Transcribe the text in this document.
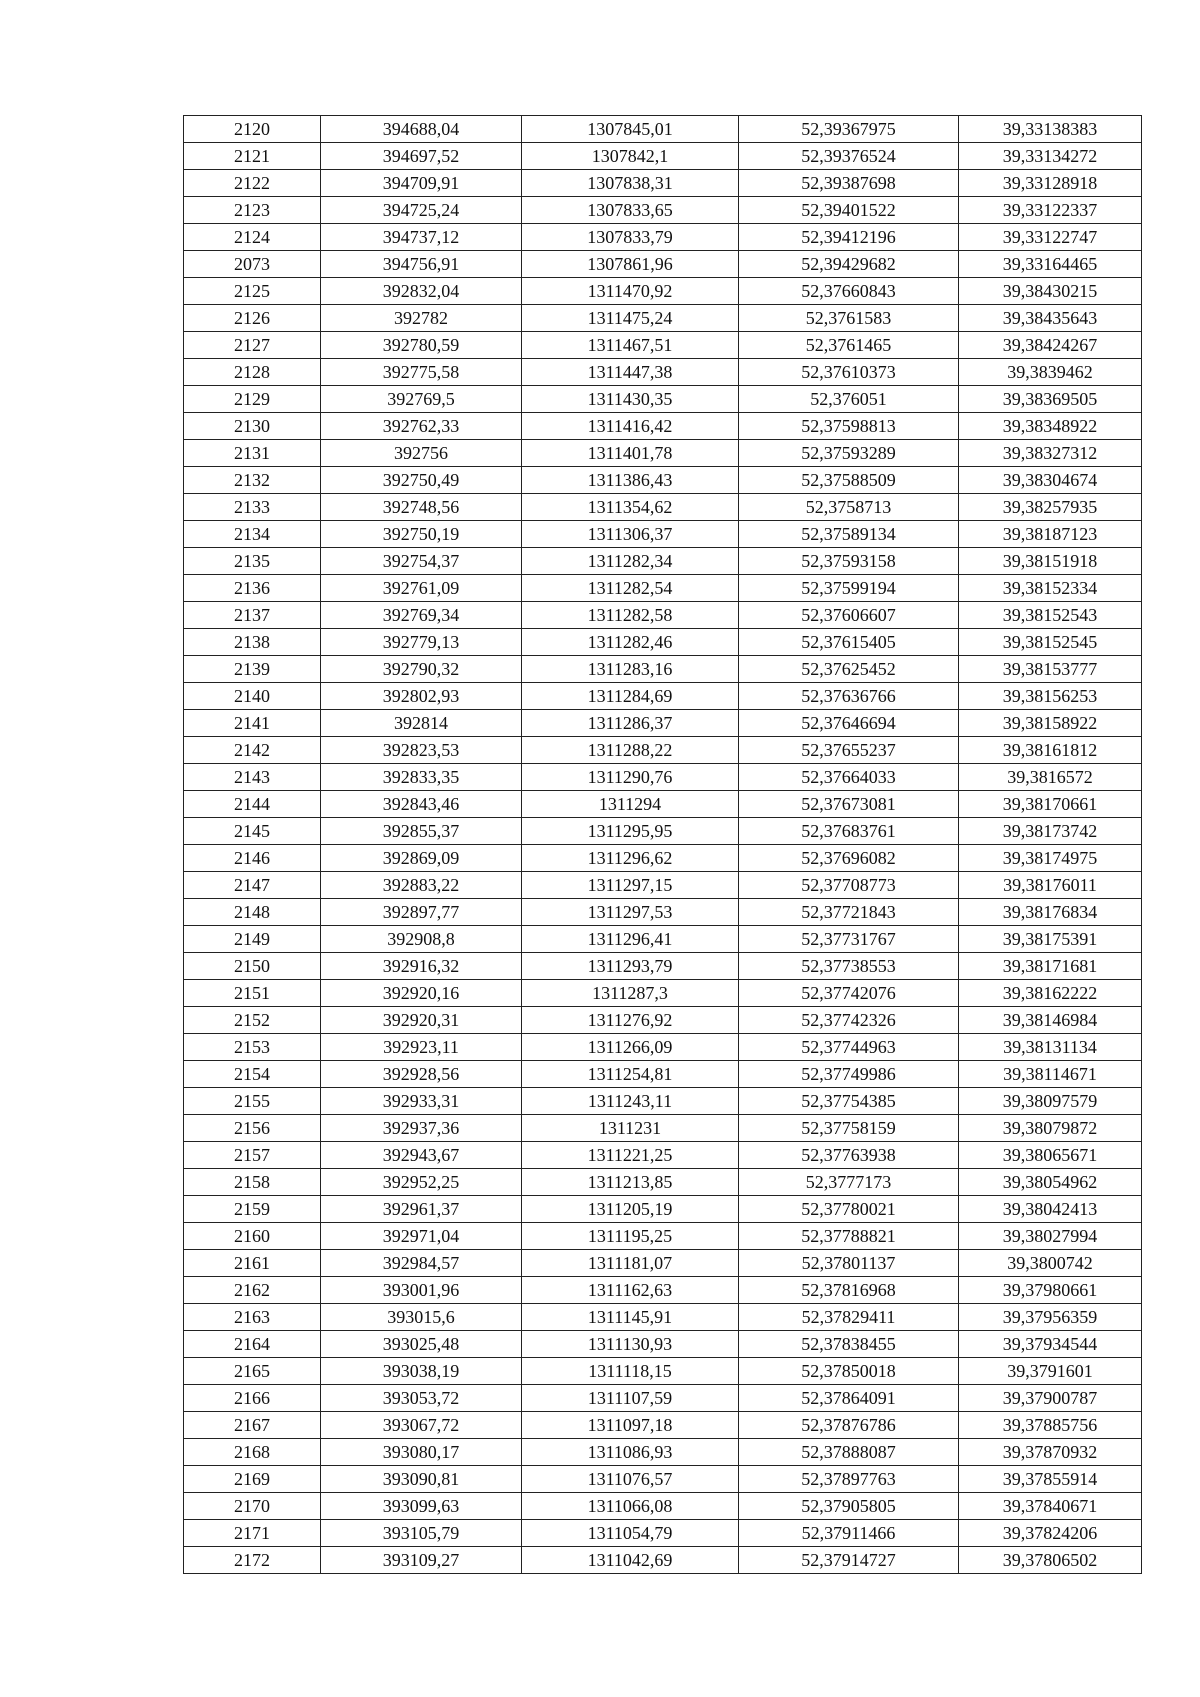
2120	394688,04	1307845,01	52,39367975	39,33138383
2121	394697,52	1307842,1	52,39376524	39,33134272
2122	394709,91	1307838,31	52,39387698	39,33128918
2123	394725,24	1307833,65	52,39401522	39,33122337
2124	394737,12	1307833,79	52,39412196	39,33122747
2073	394756,91	1307861,96	52,39429682	39,33164465
2125	392832,04	1311470,92	52,37660843	39,38430215
2126	392782	1311475,24	52,3761583	39,38435643
2127	392780,59	1311467,51	52,3761465	39,38424267
2128	392775,58	1311447,38	52,37610373	39,3839462
2129	392769,5	1311430,35	52,376051	39,38369505
2130	392762,33	1311416,42	52,37598813	39,38348922
2131	392756	1311401,78	52,37593289	39,38327312
2132	392750,49	1311386,43	52,37588509	39,38304674
2133	392748,56	1311354,62	52,3758713	39,38257935
2134	392750,19	1311306,37	52,37589134	39,38187123
2135	392754,37	1311282,34	52,37593158	39,38151918
2136	392761,09	1311282,54	52,37599194	39,38152334
2137	392769,34	1311282,58	52,37606607	39,38152543
2138	392779,13	1311282,46	52,37615405	39,38152545
2139	392790,32	1311283,16	52,37625452	39,38153777
2140	392802,93	1311284,69	52,37636766	39,38156253
2141	392814	1311286,37	52,37646694	39,38158922
2142	392823,53	1311288,22	52,37655237	39,38161812
2143	392833,35	1311290,76	52,37664033	39,3816572
2144	392843,46	1311294	52,37673081	39,38170661
2145	392855,37	1311295,95	52,37683761	39,38173742
2146	392869,09	1311296,62	52,37696082	39,38174975
2147	392883,22	1311297,15	52,37708773	39,38176011
2148	392897,77	1311297,53	52,37721843	39,38176834
2149	392908,8	1311296,41	52,37731767	39,38175391
2150	392916,32	1311293,79	52,37738553	39,38171681
2151	392920,16	1311287,3	52,37742076	39,38162222
2152	392920,31	1311276,92	52,37742326	39,38146984
2153	392923,11	1311266,09	52,37744963	39,38131134
2154	392928,56	1311254,81	52,37749986	39,38114671
2155	392933,31	1311243,11	52,37754385	39,38097579
2156	392937,36	1311231	52,37758159	39,38079872
2157	392943,67	1311221,25	52,37763938	39,38065671
2158	392952,25	1311213,85	52,3777173	39,38054962
2159	392961,37	1311205,19	52,37780021	39,38042413
2160	392971,04	1311195,25	52,37788821	39,38027994
2161	392984,57	1311181,07	52,37801137	39,3800742
2162	393001,96	1311162,63	52,37816968	39,37980661
2163	393015,6	1311145,91	52,37829411	39,37956359
2164	393025,48	1311130,93	52,37838455	39,37934544
2165	393038,19	1311118,15	52,37850018	39,3791601
2166	393053,72	1311107,59	52,37864091	39,37900787
2167	393067,72	1311097,18	52,37876786	39,37885756
2168	393080,17	1311086,93	52,37888087	39,37870932
2169	393090,81	1311076,57	52,37897763	39,37855914
2170	393099,63	1311066,08	52,37905805	39,37840671
2171	393105,79	1311054,79	52,37911466	39,37824206
2172	393109,27	1311042,69	52,37914727	39,37806502
